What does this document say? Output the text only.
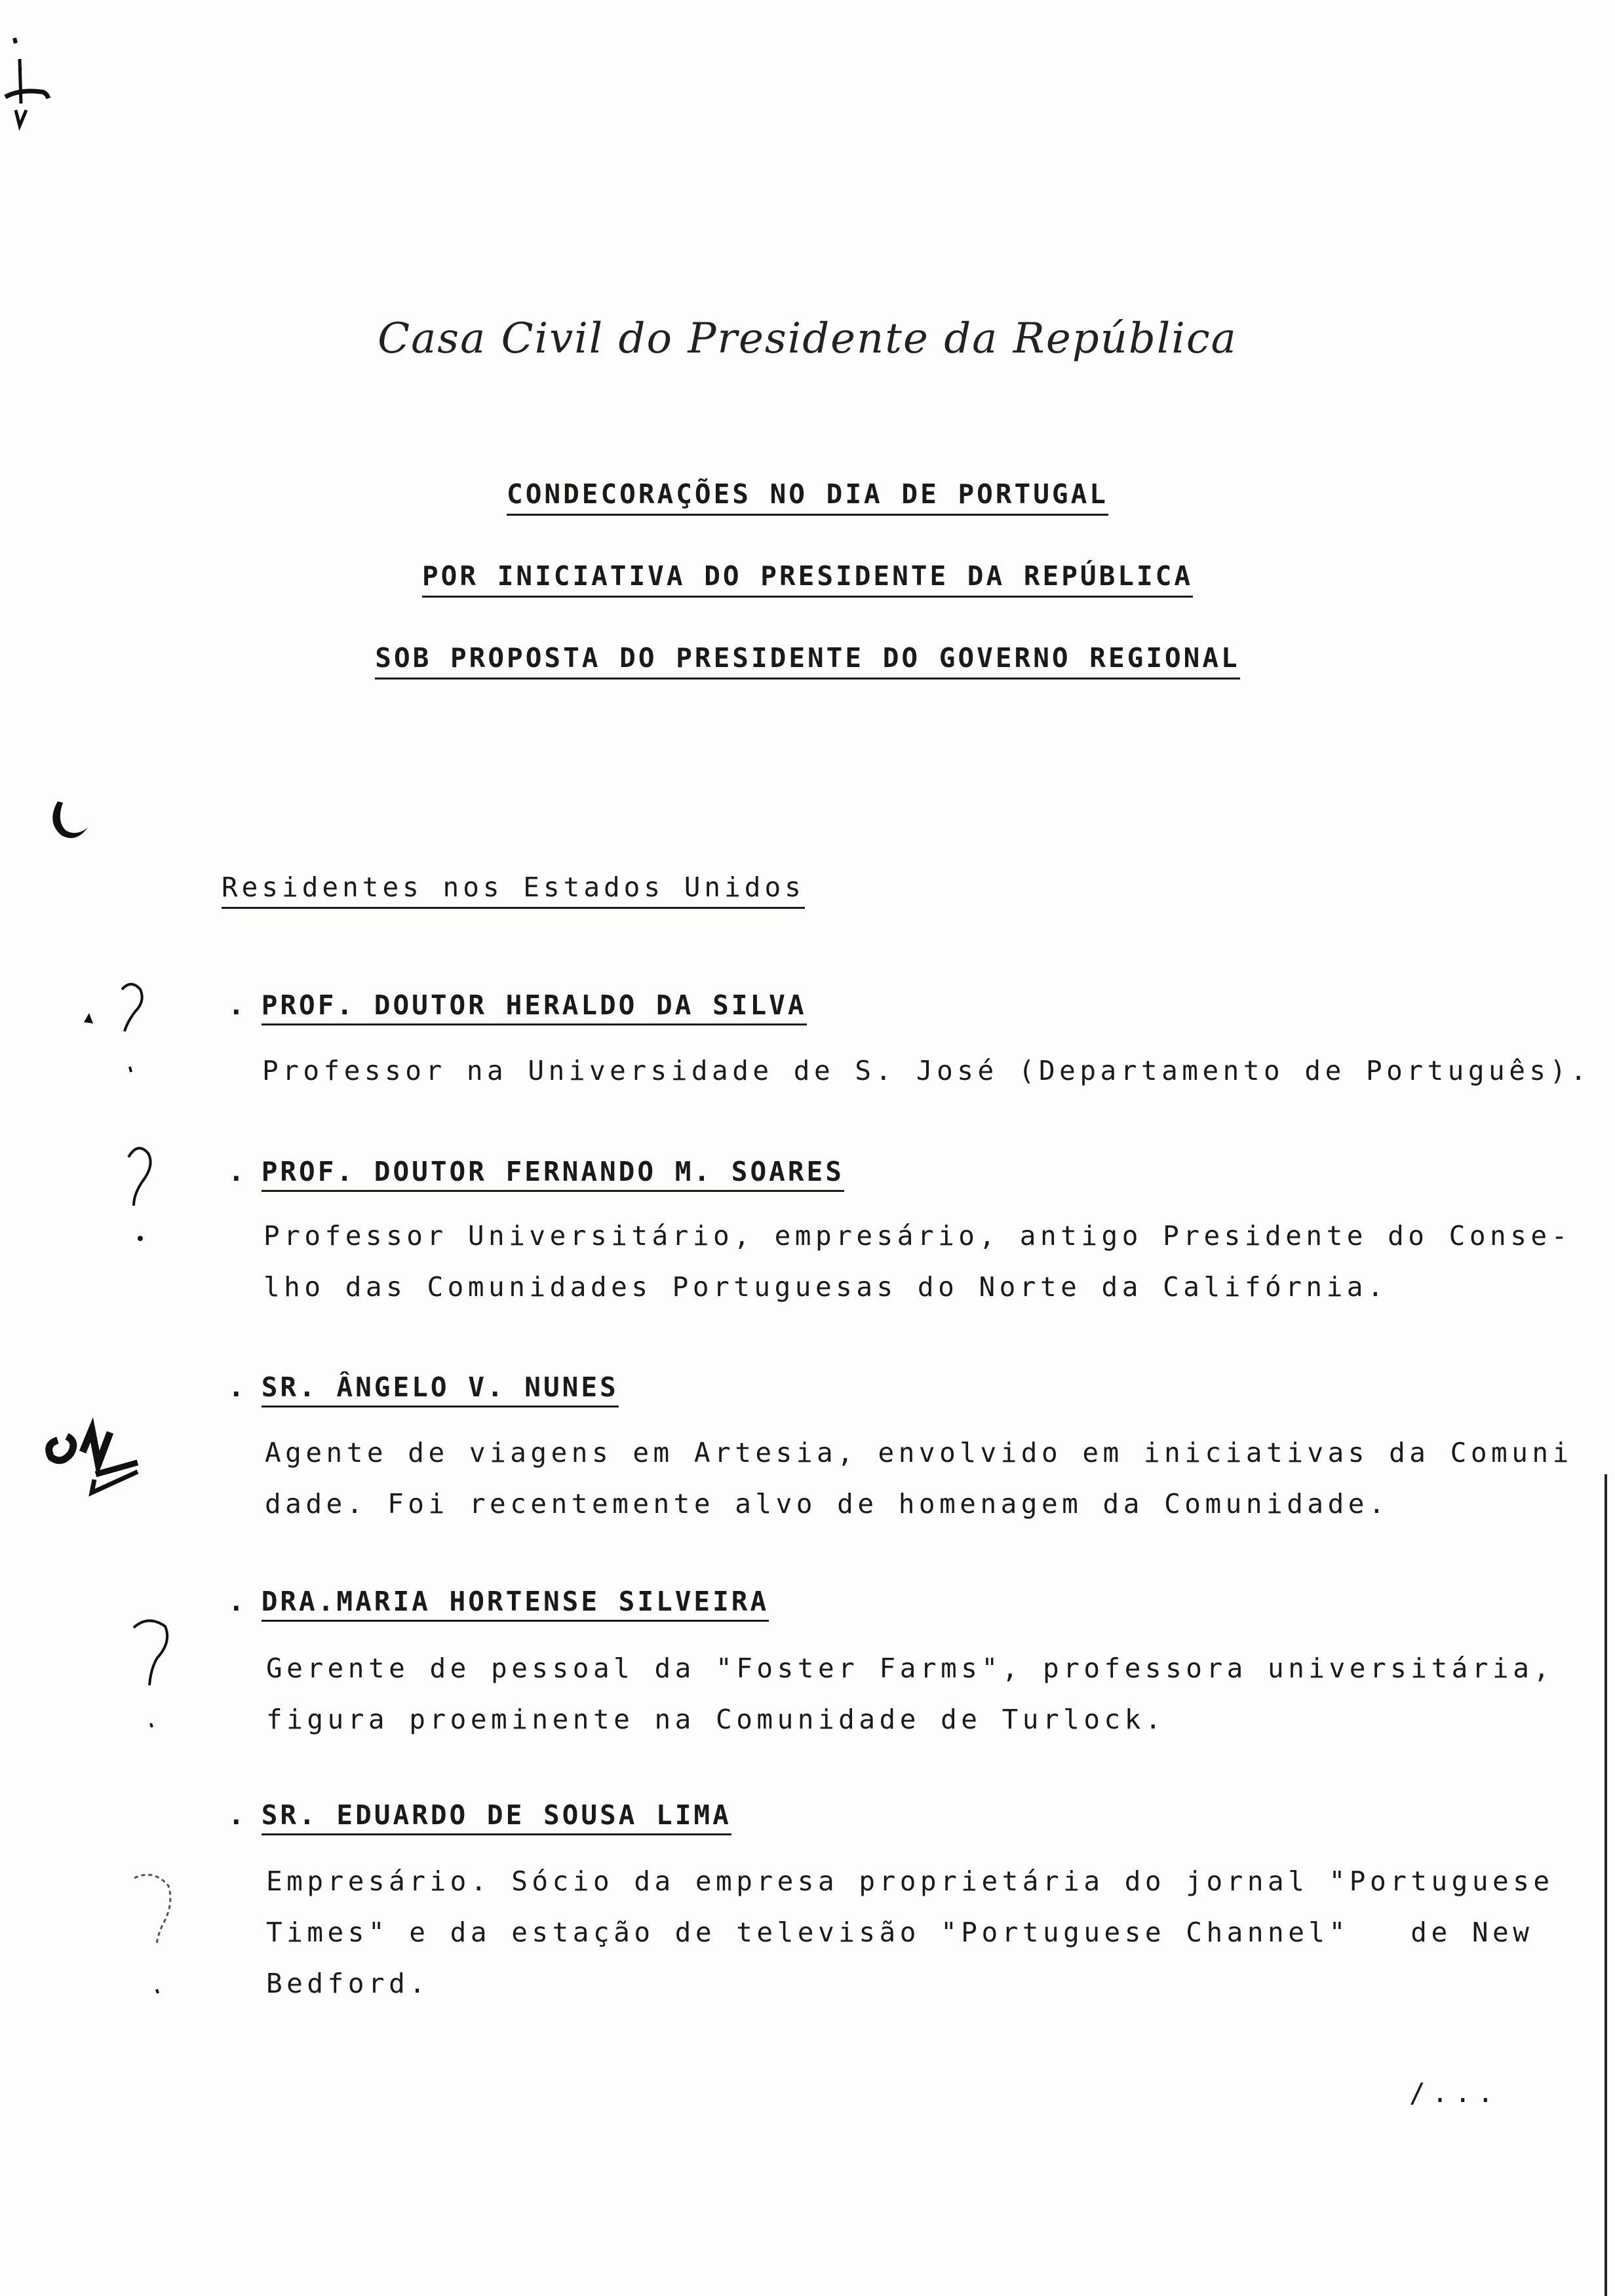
Casa Civil do Presidente da República
CONDECORAÇÕES NO DIA DE PORTUGAL
POR INICIATIVA DO PRESIDENTE DA REPÚBLICA
SOB PROPOSTA DO PRESIDENTE DO GOVERNO REGIONAL
Residentes nos Estados Unidos
. PROF. DOUTOR HERALDO DA SILVA
Professor na Universidade de S. José (Departamento de Português).
. PROF. DOUTOR FERNANDO M. SOARES
Professor Universitário, empresário, antigo Presidente do Conse-
lho das Comunidades Portuguesas do Norte da Califórnia.
. SR. ÂNGELO V. NUNES
Agente de viagens em Artesia, envolvido em iniciativas da Comuni
dade. Foi recentemente alvo de homenagem da Comunidade.
. DRA.MARIA HORTENSE SILVEIRA
Gerente de pessoal da "Foster Farms", professora universitária,
figura proeminente na Comunidade de Turlock.
. SR. EDUARDO DE SOUSA LIMA
Empresário. Sócio da empresa proprietária do jornal "Portuguese
Times" e da estação de televisão "Portuguese Channel"   de New
Bedford.
/...
